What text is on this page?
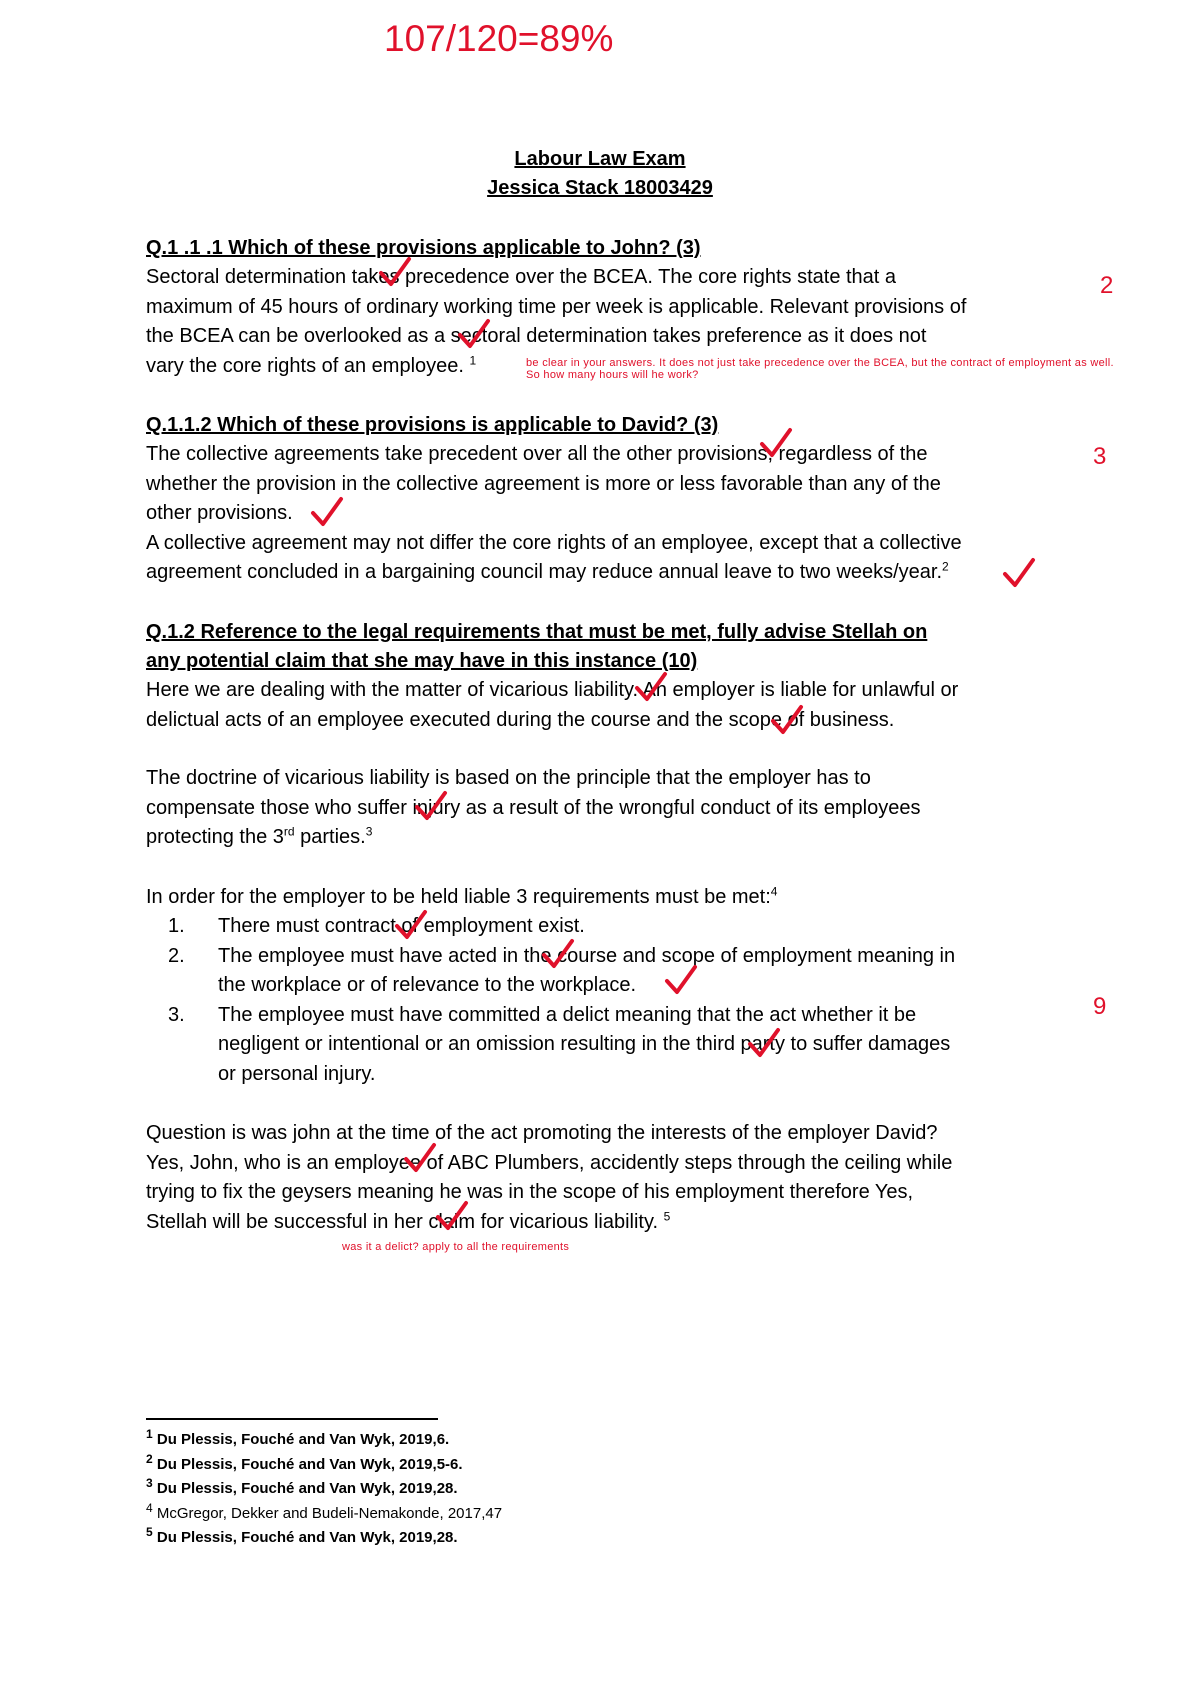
107/120=89%
2
3
9
Labour Law Exam
Jessica Stack 18003429
Q.1 .1 .1 Which of these provisions applicable to John? (3)

Sectoral determination takes precedence over the BCEA. The core rights state that a

maximum of 45 hours of ordinary working time per week is applicable. Relevant provisions of

the BCEA can be overlooked as a sectoral determination takes preference as it does not

vary the core rights of an employee. $^1$	be clear in your answers. It does not just take precedence over the BCEA, but the contract of employment as well.
So how many hours will he work?
Q.1.1.2 Which of these provisions is applicable to David? (3)

The collective agreements take precedent over all the other provisions, regardless of the

whether the provision in the collective agreement is more or less favorable than any of the

other provisions.

A collective agreement may not differ the core rights of an employee, except that a collective

agreement concluded in a bargaining council may reduce annual leave to two weeks/year.$^2$

Q.1.2 Reference to the legal requirements that must be met, fully advise Stellah on
any potential claim that she may have in this instance (10)

Here we are dealing with the matter of vicarious liability. An employer is liable for unlawful or

delictual acts of an employee executed during the course and the scope of business.

The doctrine of vicarious liability is based on the principle that the employer has to

compensate those who suffer injury as a result of the wrongful conduct of its employees

protecting the 3rd parties.$^3$

In order for the employer to be held liable 3 requirements must be met:$^4$

1. There must contract of employment exist.

2. The employee must have acted in the course and scope of employment meaning in

the workplace or of relevance to the workplace.

3. The employee must have committed a delict meaning that the act whether it be

negligent or intentional or an omission resulting in the third party to suffer damages

or personal injury.

Question is was john at the time of the act promoting the interests of the employer David?

Yes, John, who is an employee of ABC Plumbers, accidently steps through the ceiling while

trying to fix the geysers meaning he was in the scope of his employment therefore Yes,

Stellah will be successful in her claim for vicarious liability. $^5$

was it a delict? apply to all the requirements

$^1$ Du Plessis, Fouché and Van Wyk, 2019,6.

$^2$ Du Plessis, Fouché and Van Wyk, 2019,5-6.

$^3$ Du Plessis, Fouché and Van Wyk, 2019,28.

$^4$ McGregor, Dekker and Budeli-Nemakonde, 2017,47

$^5$ Du Plessis, Fouché and Van Wyk, 2019,28.
